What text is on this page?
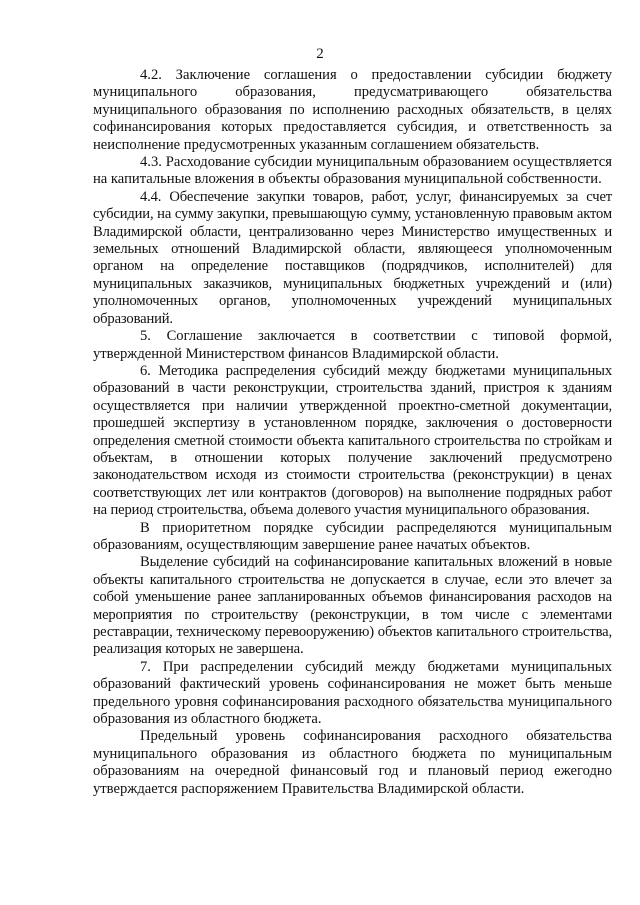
2

4.2. Заключение соглашения о предоставлении субсидии бюджету муниципального образования, предусматривающего обязательства муниципального образования по исполнению расходных обязательств, в целях софинансирования которых предоставляется субсидия, и ответственность за неисполнение предусмотренных указанным соглашением обязательств.

4.3. Расходование субсидии муниципальным образованием осуществляется на капитальные вложения в объекты образования муниципальной собственности.

4.4. Обеспечение закупки товаров, работ, услуг, финансируемых за счет субсидии, на сумму закупки, превышающую сумму, установленную правовым актом Владимирской области, централизованно через Министерство имущественных и земельных отношений Владимирской области, являющееся уполномоченным органом на определение поставщиков (подрядчиков, исполнителей) для муниципальных заказчиков, муниципальных бюджетных учреждений и (или) уполномоченных органов, уполномоченных учреждений муниципальных образований.

5. Соглашение заключается в соответствии с типовой формой, утвержденной Министерством финансов Владимирской области.

6. Методика распределения субсидий между бюджетами муниципальных образований в части реконструкции, строительства зданий, пристроя к зданиям осуществляется при наличии утвержденной проектно-сметной документации, прошедшей экспертизу в установленном порядке, заключения о достоверности определения сметной стоимости объекта капитального строительства по стройкам и объектам, в отношении которых получение заключений предусмотрено законодательством исходя из стоимости строительства (реконструкции) в ценах соответствующих лет или контрактов (договоров) на выполнение подрядных работ на период строительства, объема долевого участия муниципального образования.

В приоритетном порядке субсидии распределяются муниципальным образованиям, осуществляющим завершение ранее начатых объектов.

Выделение субсидий на софинансирование капитальных вложений в новые объекты капитального строительства не допускается в случае, если это влечет за собой уменьшение ранее запланированных объемов финансирования расходов на мероприятия по строительству (реконструкции, в том числе с элементами реставрации, техническому перевооружению) объектов капитального строительства, реализация которых не завершена.

7. При распределении субсидий между бюджетами муниципальных образований фактический уровень софинансирования не может быть меньше предельного уровня софинансирования расходного обязательства муниципального образования из областного бюджета.

Предельный уровень софинансирования расходного обязательства муниципального образования из областного бюджета по муниципальным образованиям на очередной финансовый год и плановый период ежегодно утверждается распоряжением Правительства Владимирской области.
